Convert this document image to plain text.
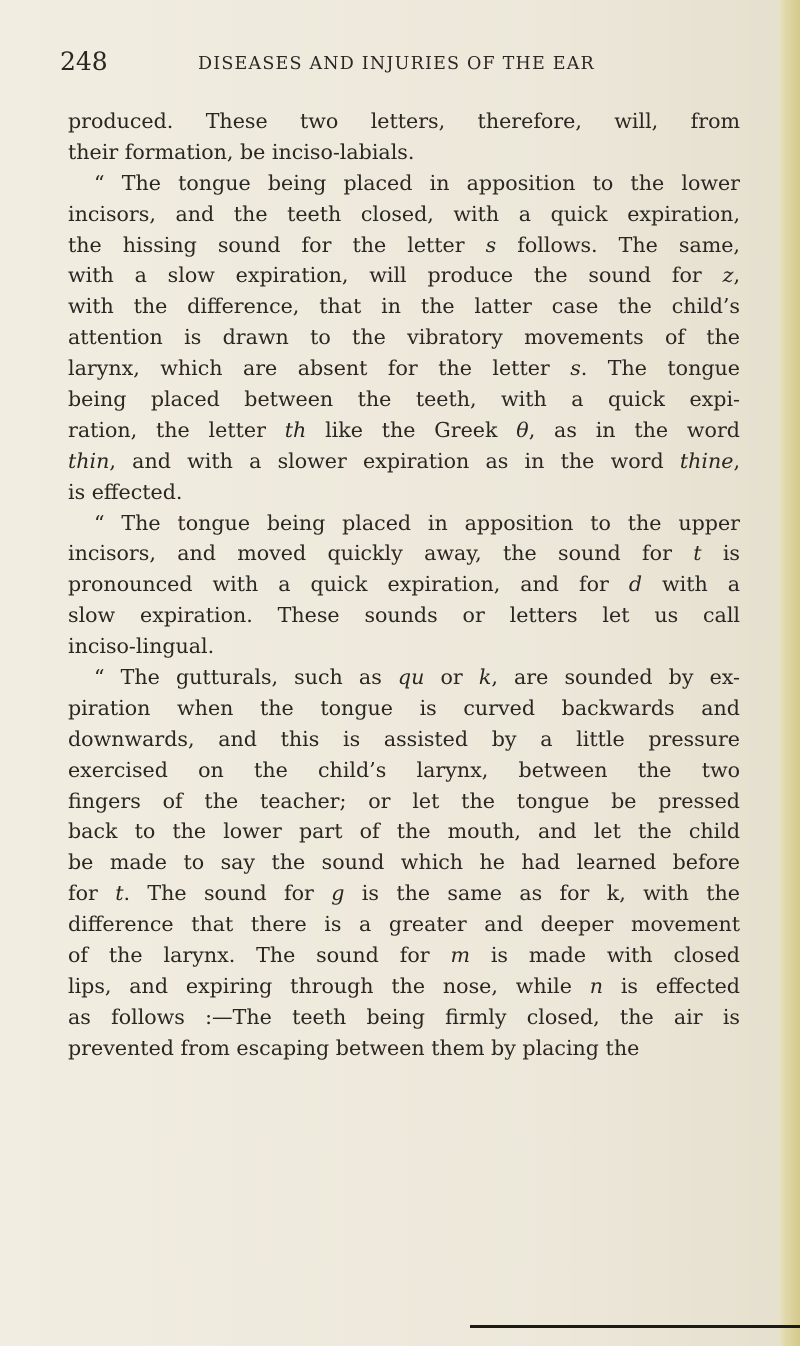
248	DISEASES AND INJURIES OF THE EAR
produced. These two letters, therefore, will, from
their formation, be inciso-labials.
“ The tongue being placed in apposition to the lower
incisors, and the teeth closed, with a quick expiration,
the hissing sound for the letter s follows. The same,
with a slow expiration, will produce the sound for z,
with the difference, that in the latter case the child’s
attention is drawn to the vibratory movements of the
larynx, which are absent for the letter s. The tongue
being placed between the teeth, with a quick expi-
ration, the letter th like the Greek θ, as in the word
thin, and with a slower expiration as in the word thine,
is effected.
“ The tongue being placed in apposition to the upper
incisors, and moved quickly away, the sound for t is
pronounced with a quick expiration, and for d with a
slow expiration. These sounds or letters let us call
inciso-lingual.
“ The gutturals, such as qu or k, are sounded by ex-
piration when the tongue is curved backwards and
downwards, and this is assisted by a little pressure
exercised on the child’s larynx, between the two
fingers of the teacher; or let the tongue be pressed
back to the lower part of the mouth, and let the child
be made to say the sound which he had learned before
for t. The sound for g is the same as for k, with the
difference that there is a greater and deeper movement
of the larynx. The sound for m is made with closed
lips, and expiring through the nose, while n is effected
as follows :—The teeth being firmly closed, the air is
prevented from escaping between them by placing the
